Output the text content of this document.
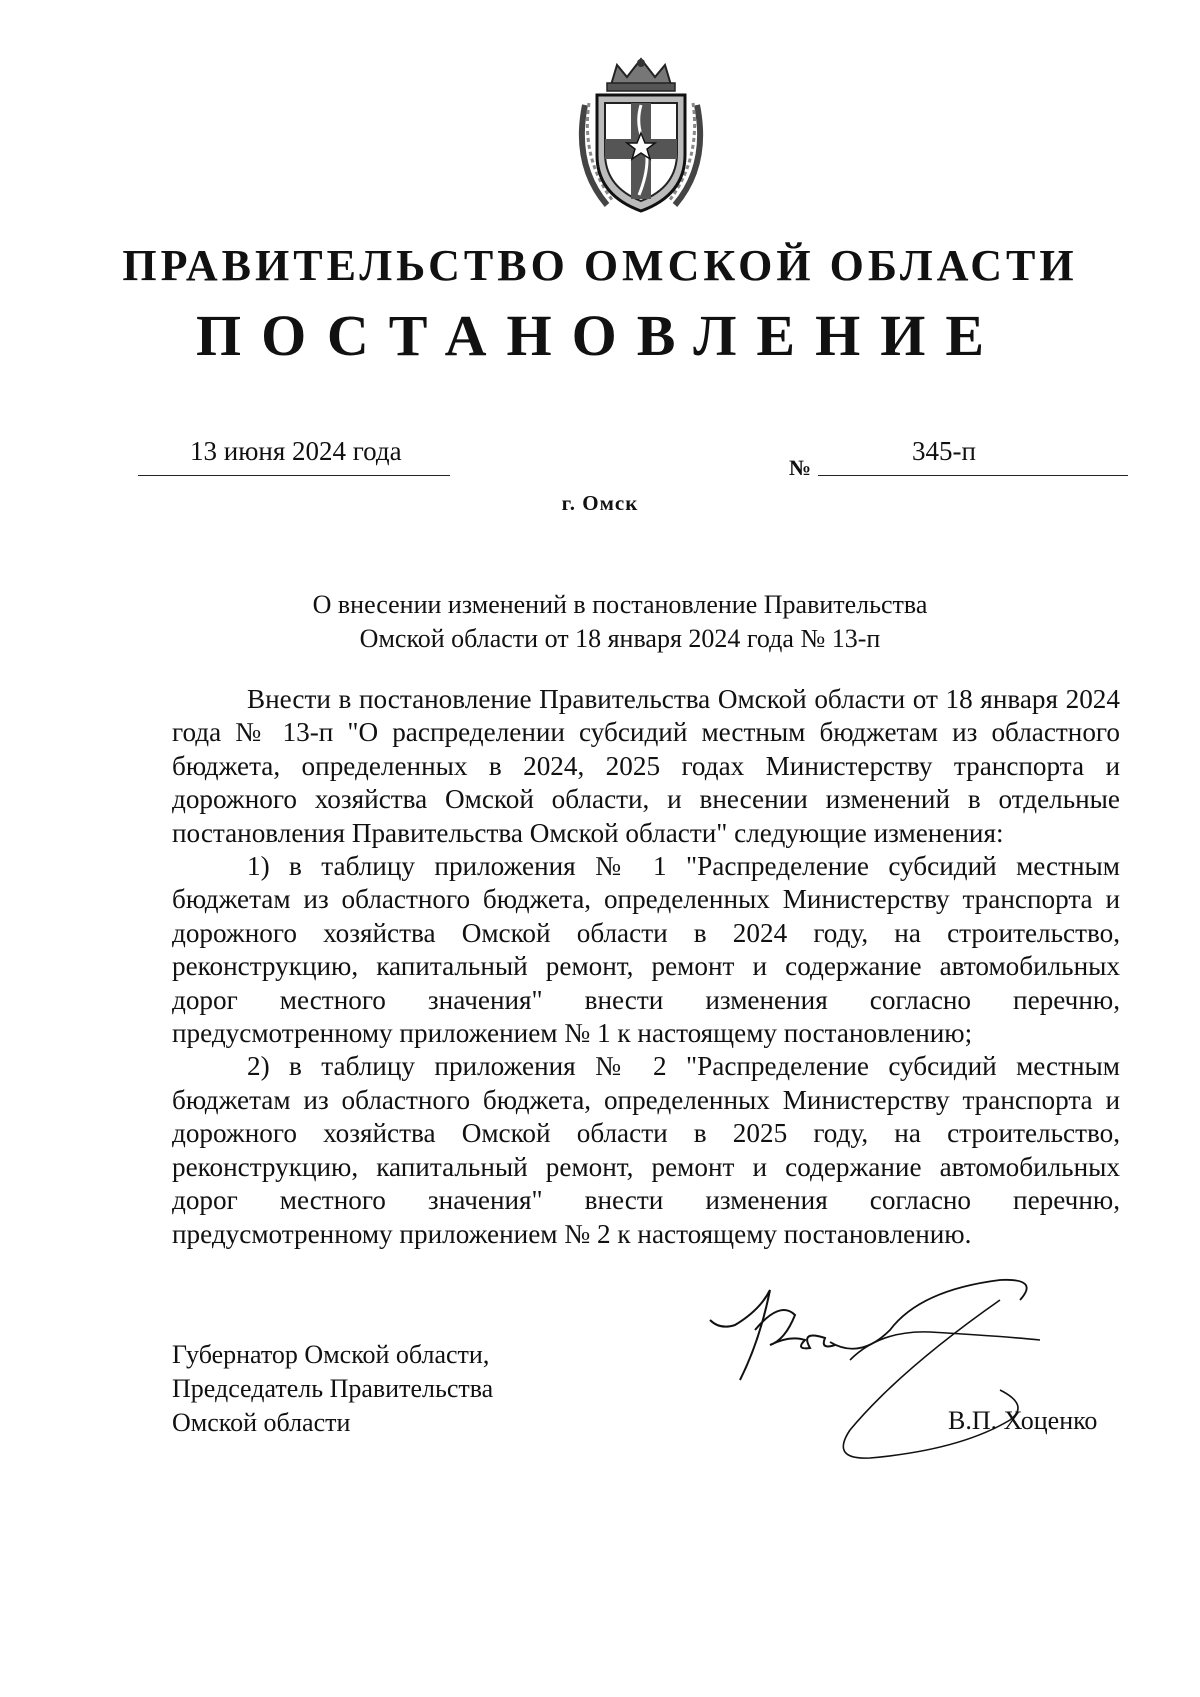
ПРАВИТЕЛЬСТВО ОМСКОЙ ОБЛАСТИ
ПОСТАНОВЛЕНИЕ
13 июня 2024 года
№
345-п
г. Омск
О внесении изменений в постановление Правительства
Омской области от 18 января 2024 года № 13-п

Внести в постановление Правительства Омской области от 18 января 2024 года № 13-п "О распределении субсидий местным бюджетам из областного бюджета, определенных в 2024, 2025 годах Министерству транспорта и дорожного хозяйства Омской области, и внесении изменений в отдельные постановления Правительства Омской области" следующие изменения:

1) в таблицу приложения № 1 "Распределение субсидий местным бюджетам из областного бюджета, определенных Министерству транспорта и дорожного хозяйства Омской области в 2024 году, на строительство, реконструкцию, капитальный ремонт, ремонт и содержание автомобильных дорог местного значения" внести изменения согласно перечню, предусмотренному приложением № 1 к настоящему постановлению;

2) в таблицу приложения № 2 "Распределение субсидий местным бюджетам из областного бюджета, определенных Министерству транспорта и дорожного хозяйства Омской области в 2025 году, на строительство, реконструкцию, капитальный ремонт, ремонт и содержание автомобильных дорог местного значения" внести изменения согласно перечню, предусмотренному приложением № 2 к настоящему постановлению.

Губернатор Омской области,
Председатель Правительства
Омской области	В.П. Хоценко
